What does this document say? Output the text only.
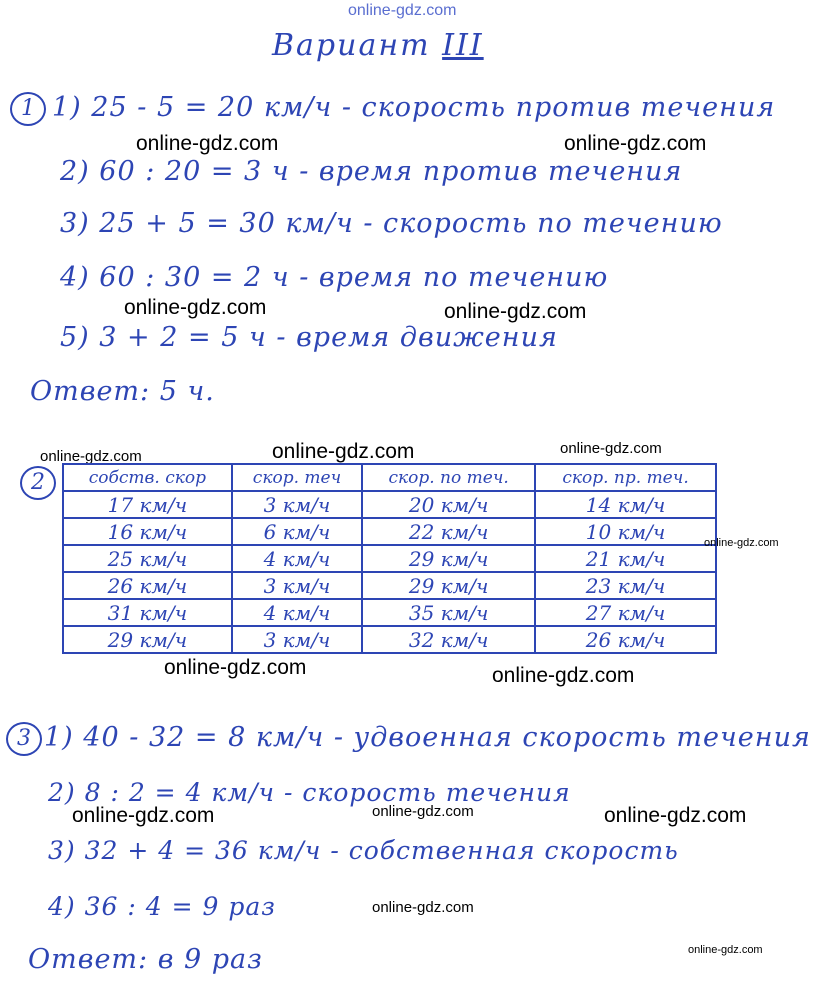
online-gdz.com
Вариант III
1 1) 25 - 5 = 20 км/ч - скорость против течения
2) 60 : 20 = 3 ч - время против течения
3) 25 + 5 = 30 км/ч - скорость по течению
4) 60 : 30 = 2 ч - время по течению
5) 3 + 2 = 5 ч - время движения
Ответ: 5 ч.
online-gdz.com	online-gdz.com
online-gdz.com	online-gdz.com
online-gdz.com	online-gdz.com	online-gdz.com
2	собств. скор	скор. теч	скор. по теч.	скор. пр. теч.
17 км/ч	3 км/ч	20 км/ч	14 км/ч
16 км/ч	6 км/ч	22 км/ч	10 км/ч
25 км/ч	4 км/ч	29 км/ч	21 км/ч
26 км/ч	3 км/ч	29 км/ч	23 км/ч
31 км/ч	4 км/ч	35 км/ч	27 км/ч
29 км/ч	3 км/ч	32 км/ч	26 км/ч
online-gdz.com
online-gdz.com	online-gdz.com
3 1) 40 - 32 = 8 км/ч - удвоенная скорость течения
2) 8 : 2 = 4 км/ч - скорость течения
3) 32 + 4 = 36 км/ч - собственная скорость
4) 36 : 4 = 9 раз
Ответ: в 9 раз
online-gdz.com	online-gdz.com	online-gdz.com
online-gdz.com
online-gdz.com
